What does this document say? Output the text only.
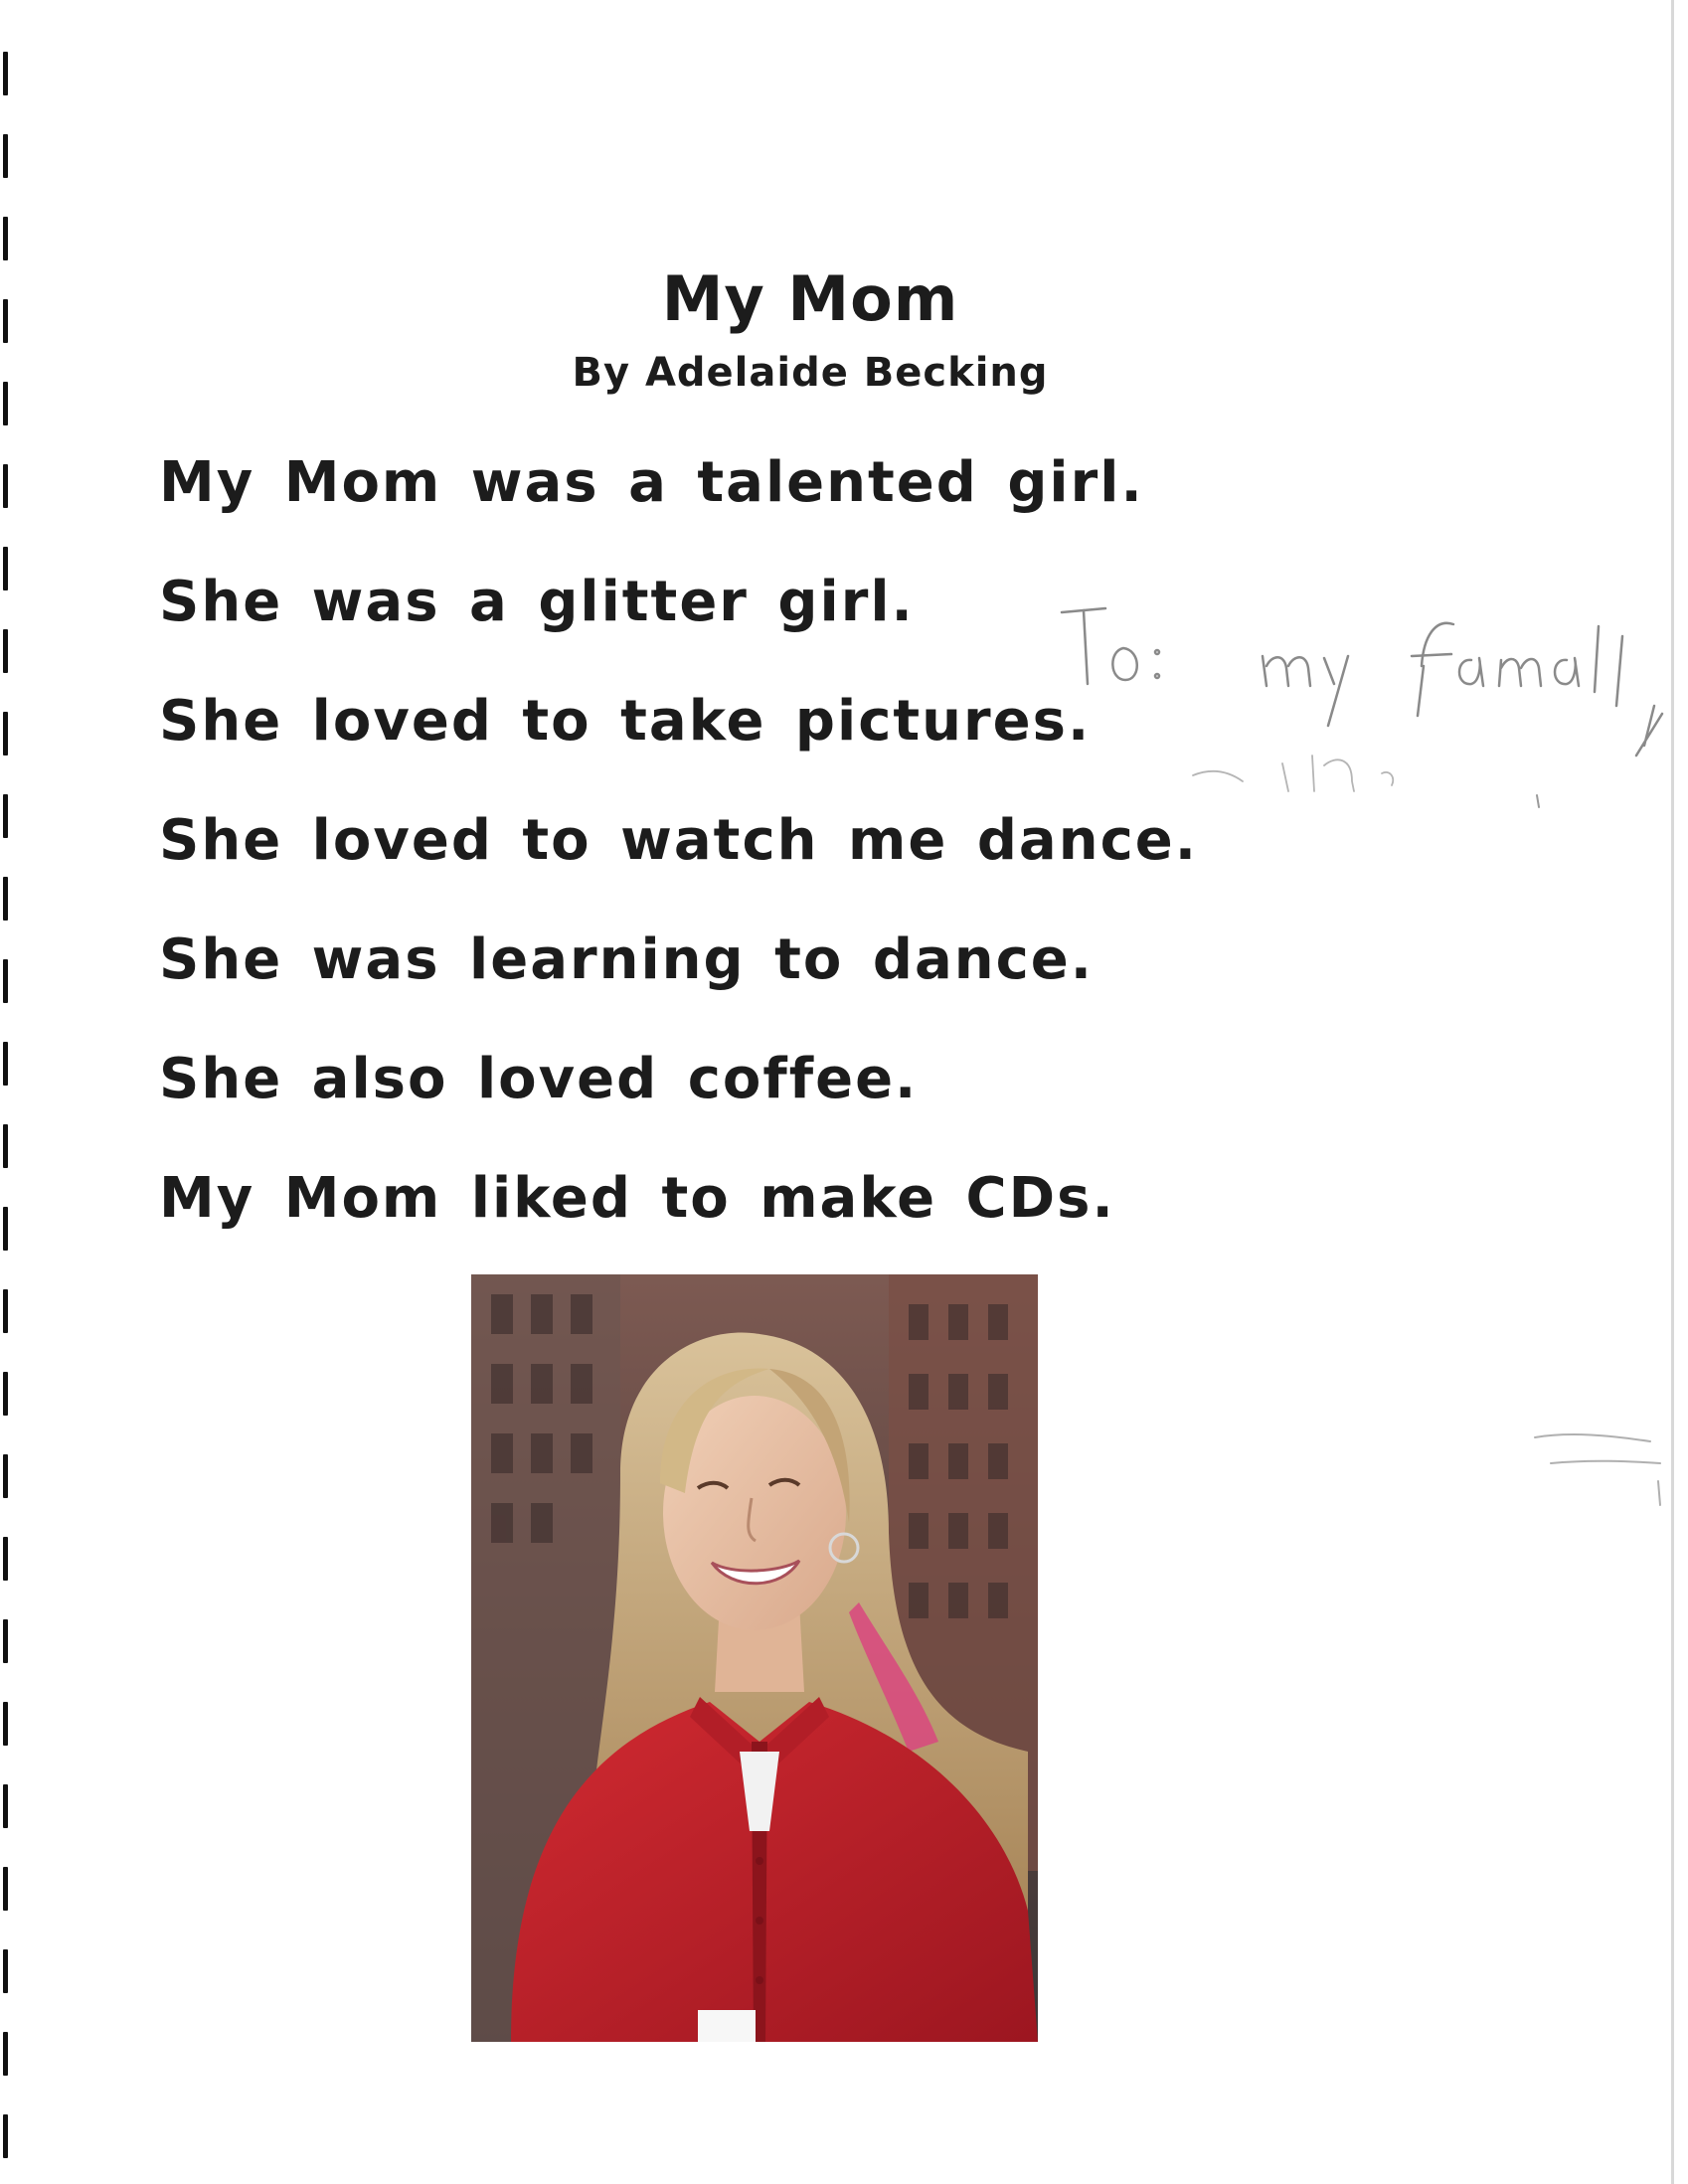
My Mom
By Adelaide Becking
My Mom was a talented girl.
She was a glitter girl.
She loved to take pictures.
She loved to watch me dance.
She was learning to dance.
She also loved coffee.
My Mom liked to make CDs.
